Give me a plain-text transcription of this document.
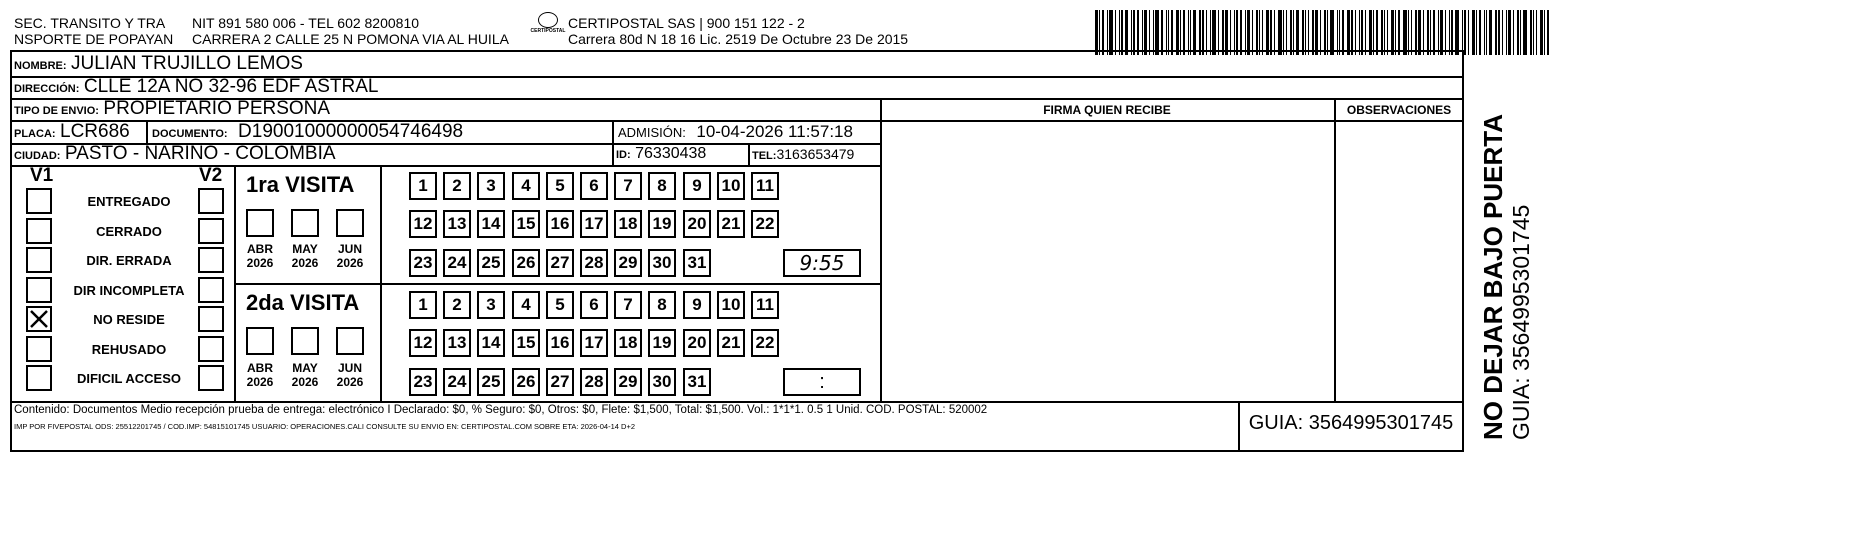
SEC. TRANSITO Y TRA
NSPORTE DE POPAYAN
NIT 891 580 006 - TEL 602 8200810
CARRERA 2 CALLE 25 N POMONA VIA AL HUILA	CERTIPOSTAL CERTIPOSTAL SAS | 900 151 122 - 2
Carrera 80d N 18 16 Lic. 2519 De Octubre 23 De 2015
NOMBRE: JULIAN TRUJILLO LEMOS
DIRECCIÓN: CLLE 12A NO 32-96 EDF ASTRAL
TIPO DE ENVIO: PROPIETARIO PERSONA
PLACA: LCR686 DOCUMENTO: D19001000000054746498	ADMISIÓN: 10-04-2026 11:57:18
CIUDAD: PASTO - NARINO - COLOMBIA	ID: 76330438	TEL:3163653479
FIRMA QUIEN RECIBE	OBSERVACIONES
V1	V2
ENTREGADO
CERRADO
DIR. ERRADA
DIR INCOMPLETA
NO RESIDE
REHUSADO
DIFICIL ACCESO
1ra VISITA
2da VISITA
ABR
2026
MAY
2026
JUN
2026
ABR
2026
MAY
2026
JUN
2026
1	2	3	4	5	6	7	8	9	10 11
12 13 14 15 16 17 18 19 20 21 22
23 24 25 26 27 28 29 30 31
1	2	3	4	5	6	7	8	9	10 11
12 13 14 15 16 17 18 19 20 21 22
23 24 25 26 27 28 29 30 31
9:55
:
Contenido: Documentos Medio recepción prueba de entrega: electrónico I Declarado: $0, % Seguro: $0, Otros: $0, Flete: $1,500, Total: $1,500. Vol.: 1*1*1. 0.5 1 Unid. COD. POSTAL: 520002
IMP POR FIVEPOSTAL ODS: 25512201745 / COD.IMP: 54815101745 USUARIO: OPERACIONES.CALI CONSULTE SU ENVIO EN: CERTIPOSTAL.COM SOBRE ETA: 2026-04-14 D+2	GUIA: 3564995301745 NO DEJAR BAJO PUERTA GUIA: 3564995301745
